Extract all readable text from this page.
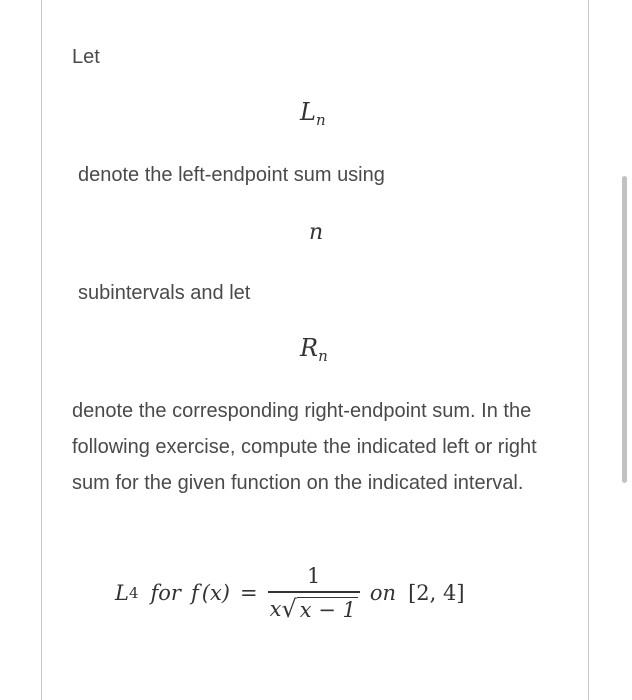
Let
$L_n$
denote the left-endpoint sum using
n
subintervals and let
$R_n$
denote the corresponding right-endpoint sum. In the following exercise, compute the indicated left or right sum for the given function on the indicated interval.
L 4 for f $(x) = \frac{1}{x √ x - 1}$ on [2, 4]
